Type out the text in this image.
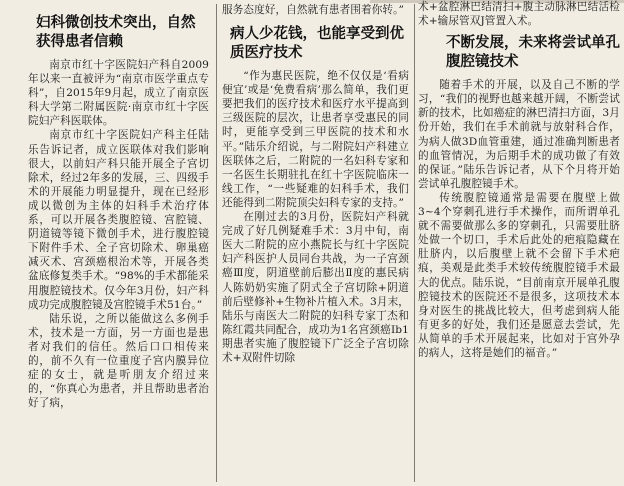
妇科微创技术突出，自然获得患者信赖

南京市红十字医院妇产科自2009年以来一直被评为“南京市医学重点专科”，自2015年9月起，成立了南京医科大学第二附属医院·南京市红十字医院妇产科医联体。

南京市红十字医院妇产科主任陆乐告诉记者，成立医联体对我们影响很大，以前妇产科只能开展全子宫切除术，经过2年多的发展，三、四级手术的开展能力明显提升，现在已经形成以微创为主体的妇科手术治疗体系，可以开展各类腹腔镜、宫腔镜、阴道镜等镜下微创手术，进行腹腔镜下附件手术、全子宫切除术、卵巢癌减灭术、宫颈癌根治术等，开展各类盆底修复类手术。“98%的手术都能采用腹腔镜技术。仅今年3月份，妇产科成功完成腹腔镜及宫腔镜手术51台。”

陆乐说，之所以能做这么多例手术，技术是一方面，另一方面也是患者对我们的信任。然后口口相传来的，前不久有一位重度子宫内膜异位症的女士，就是听朋友介绍过来的，“你真心为患者，并且帮助患者治好了病，

服务态度好，自然就有患者围着你转。”

病人少花钱，也能享受到优质医疗技术

“作为惠民医院，绝不仅仅是‘看病便宜’或是‘免费看病’那么简单，我们更要把我们的医疗技术和医疗水平提高到三级医院的层次，让患者享受惠民的同时，更能享受到三甲医院的技术和水平。”陆乐介绍说，与二附院妇产科建立医联体之后，二附院的一名妇科专家和一名医生长期驻扎在红十字医院临床一线工作，“一些疑难的妇科手术，我们还能得到二附院顶尖妇科专家的支持。”

在刚过去的3月份，医院妇产科就完成了好几例疑难手术：3月中旬，南医大二附院的应小燕院长与红十字医院妇产科医护人员同台共战，为一子宫颈癌Ⅲ度，阴道壁前后膨出Ⅱ度的惠民病人陈奶奶实施了阴式全子宫切除+阴道前后壁修补+生物补片植入术。3月末，陆乐与南医大二附院的妇科专家丁杰和陈红霞共同配合，成功为1名宫颈癌Ib1期患者实施了腹腔镜下广泛全子宫切除术+双附件切除

术+盆腔淋巴结清扫+腹主动脉淋巴结活检术+输尿管双J管置入术。

不断发展，未来将尝试单孔腹腔镜技术

随着手术的开展，以及自己不断的学习，“我们的视野也越来越开阔，不断尝试新的技术，比如癌症的淋巴清扫方面，3月份开始，我们在手术前就与放射科合作，为病人做3D血管重建，通过准确判断患者的血管情况，为后期手术的成功做了有效的保证。”陆乐告诉记者，从下个月将开始尝试单孔腹腔镜手术。

传统腹腔镜通常是需要在腹壁上做3~4个穿刺孔进行手术操作，而所谓单孔就不需要做那么多的穿刺孔，只需要肚脐处做一个切口，手术后此处的疤痕隐藏在肚脐内，以后腹壁上就不会留下手术疤痕，美观是此类手术较传统腹腔镜手术最大的优点。陆乐说，“目前南京开展单孔腹腔镜技术的医院还不是很多，这项技术本身对医生的挑战比较大，但考虑到病人能有更多的好处，我们还是愿意去尝试，先从简单的手术开展起来，比如对于宫外孕的病人，这将是她们的福音。”
